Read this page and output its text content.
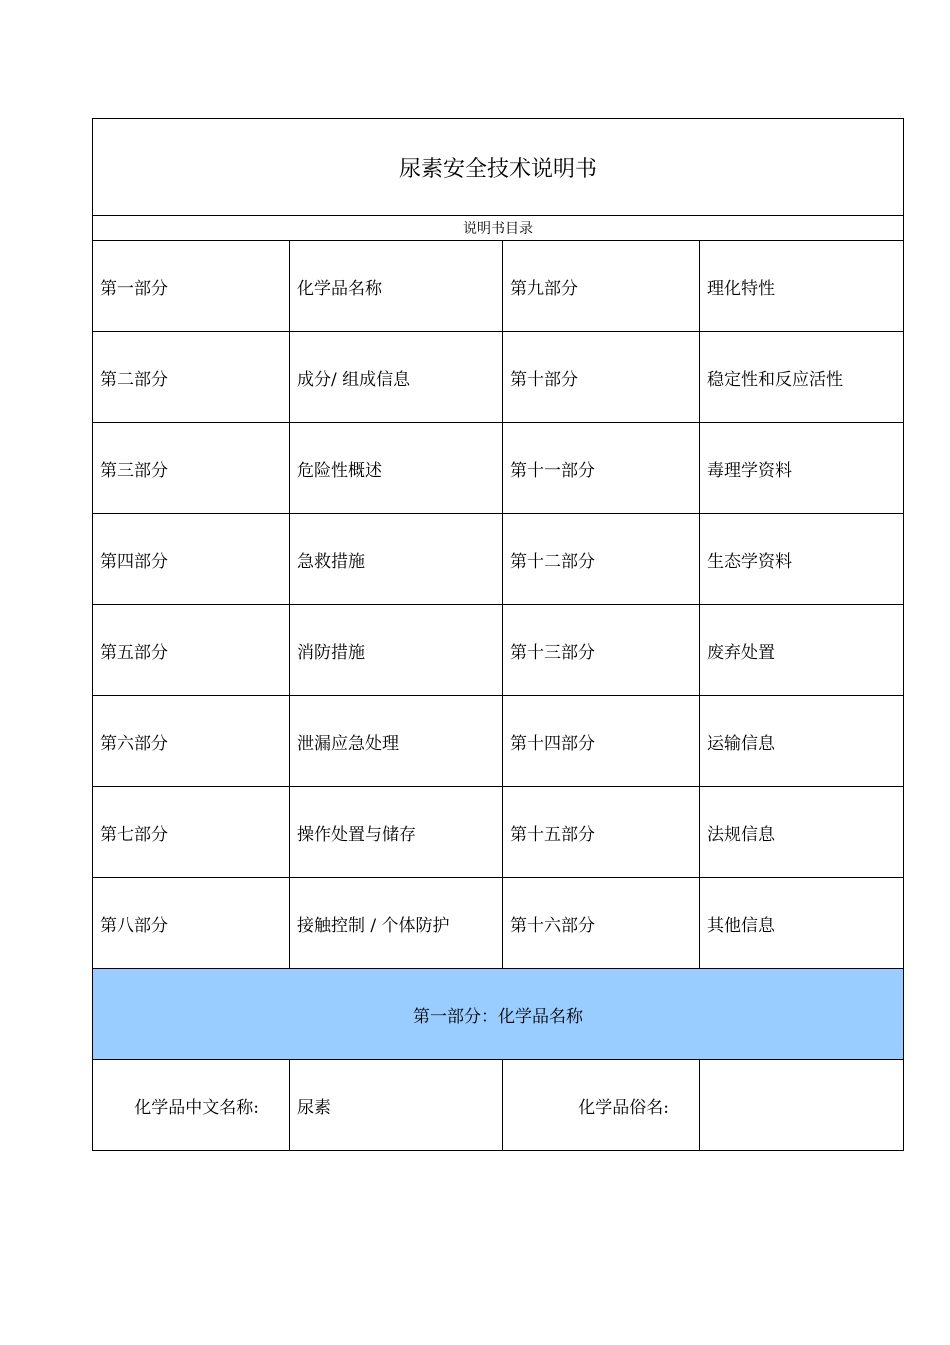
尿素安全技术说明书			
说明书目录			

第一部分	化学品名称	第九部分	理化特性

第二部分	成分/ 组成信息	第十部分	稳定性和反应活性

第三部分	危险性概述	第十一部分	毒理学资料

第四部分	急救措施	第十二部分	生态学资料

第五部分	消防措施	第十三部分	废弃处置

第六部分	泄漏应急处理	第十四部分	运输信息

第七部分	操作处置与储存	第十五部分	法规信息

第八部分	接触控制 / 个体防护	第十六部分	其他信息

第一部分：化学品名称			

化学品中文名称:	尿素	化学品俗名:	
